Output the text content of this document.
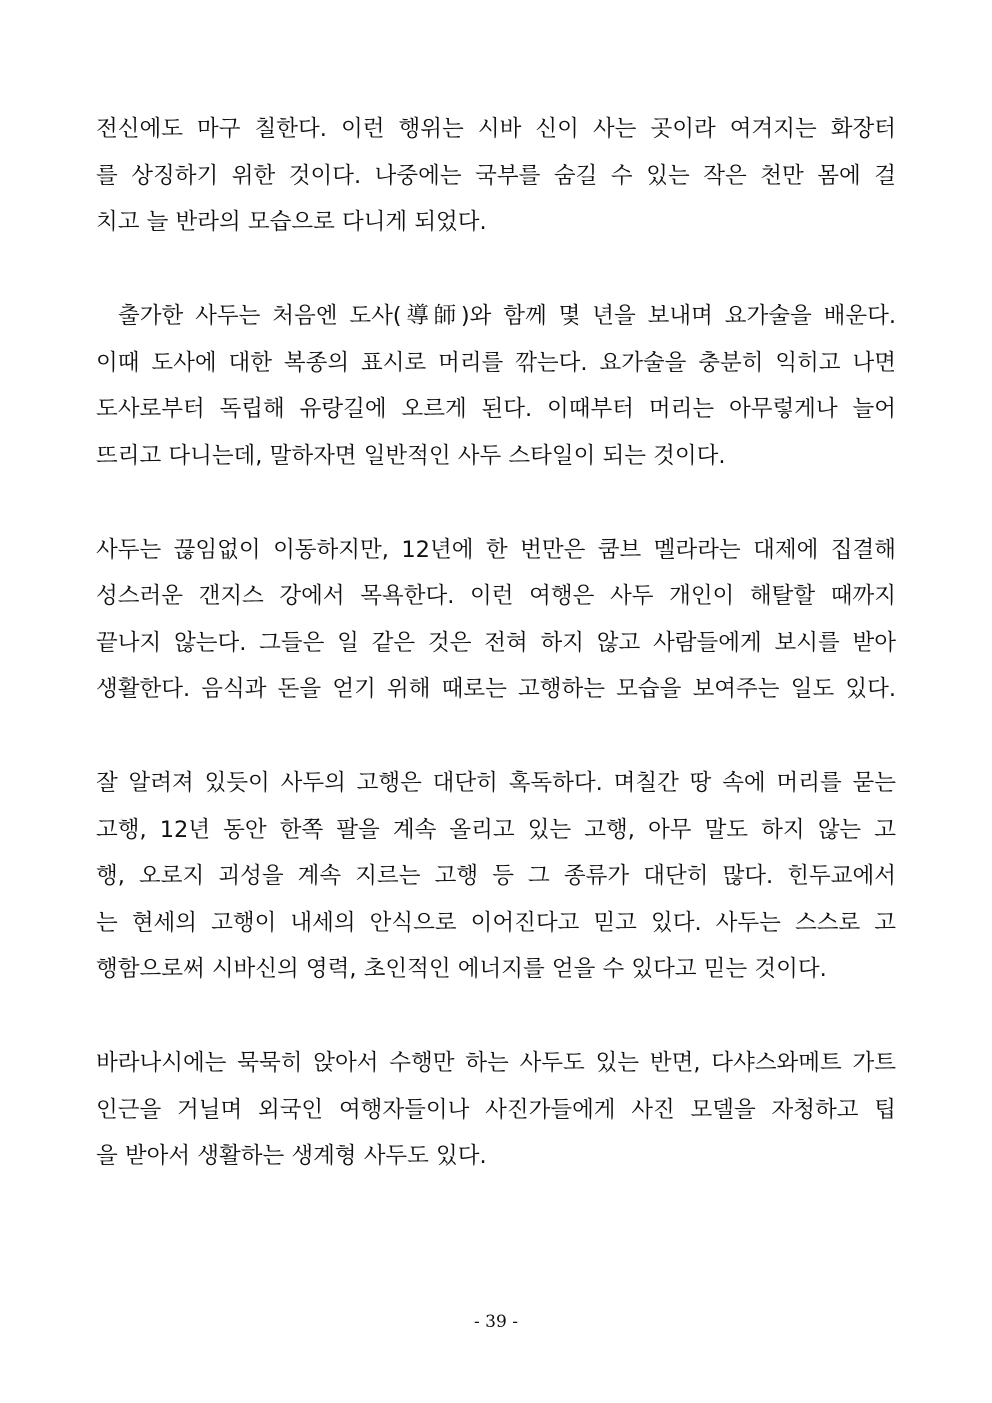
전신에도 마구 칠한다. 이런 행위는 시바 신이 사는 곳이라 여겨지는 화장터
를 상징하기 위한 것이다. 나중에는 국부를 숨길 수 있는 작은 천만 몸에 걸
치고 늘 반라의 모습으로 다니게 되었다.
출가한 사두는 처음엔 도사(導師)와 함께 몇 년을 보내며 요가술을 배운다.
이때 도사에 대한 복종의 표시로 머리를 깎는다. 요가술을 충분히 익히고 나면
도사로부터 독립해 유랑길에 오르게 된다. 이때부터 머리는 아무렇게나 늘어
뜨리고 다니는데, 말하자면 일반적인 사두 스타일이 되는 것이다.
사두는 끊임없이 이동하지만, 12년에 한 번만은 쿰브 멜라라는 대제에 집결해
성스러운 갠지스 강에서 목욕한다. 이런 여행은 사두 개인이 해탈할 때까지
끝나지 않는다. 그들은 일 같은 것은 전혀 하지 않고 사람들에게 보시를 받아
생활한다. 음식과 돈을 얻기 위해 때로는 고행하는 모습을 보여주는 일도 있다.
잘 알려져 있듯이 사두의 고행은 대단히 혹독하다. 며칠간 땅 속에 머리를 묻는
고행, 12년 동안 한쪽 팔을 계속 올리고 있는 고행, 아무 말도 하지 않는 고
행, 오로지 괴성을 계속 지르는 고행 등 그 종류가 대단히 많다. 힌두교에서
는 현세의 고행이 내세의 안식으로 이어진다고 믿고 있다. 사두는 스스로 고
행함으로써 시바신의 영력, 초인적인 에너지를 얻을 수 있다고 믿는 것이다.
바라나시에는 묵묵히 앉아서 수행만 하는 사두도 있는 반면, 다샤스와메트 가트
인근을 거닐며 외국인 여행자들이나 사진가들에게 사진 모델을 자청하고 팁
을 받아서 생활하는 생계형 사두도 있다.
- 39 -
